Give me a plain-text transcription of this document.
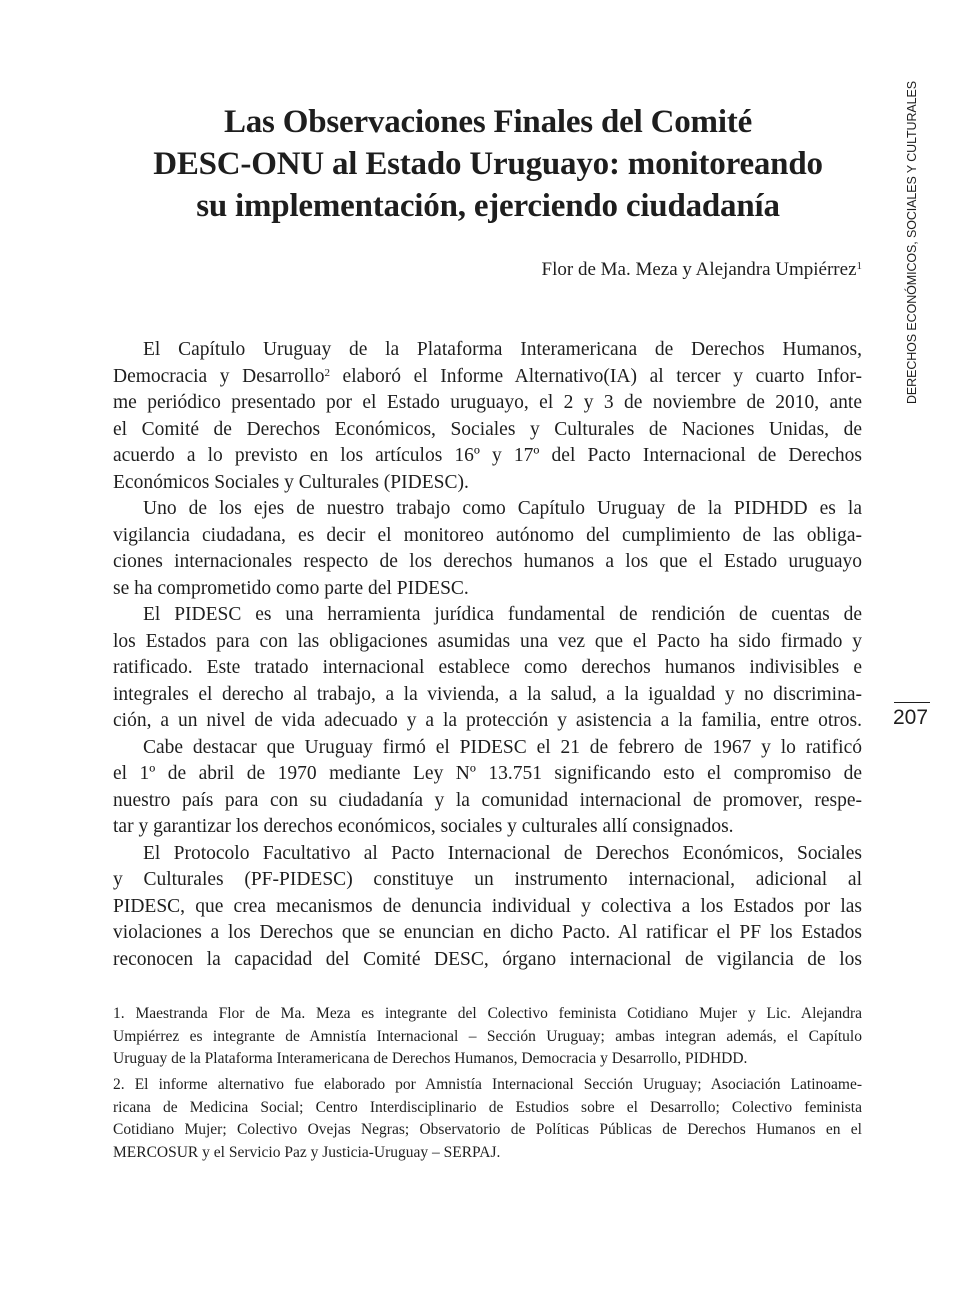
Las Observaciones Finales del Comité
DESC-ONU al Estado Uruguayo: monitoreando
su implementación, ejerciendo ciudadanía
Flor de Ma. Meza y Alejandra Umpiérrez$^1$	DERECHOS ECONÓMICOS, SOCIALES Y CULTURALES
207

El Capítulo Uruguay de la Plataforma Interamericana de Derechos Humanos,

Democracia y Desarrollo$^2$ elaboró el Informe Alternativo(IA) al tercer y cuarto Infor-

me periódico presentado por el Estado uruguayo, el 2 y 3 de noviembre de 2010, ante

el Comité de Derechos Económicos, Sociales y Culturales de Naciones Unidas, de

acuerdo a lo previsto en los artículos 16º y 17º del Pacto Internacional de Derechos

Económicos Sociales y Culturales (PIDESC).

Uno de los ejes de nuestro trabajo como Capítulo Uruguay de la PIDHDD es la

vigilancia ciudadana, es decir el monitoreo autónomo del cumplimiento de las obliga-

ciones internacionales respecto de los derechos humanos a los que el Estado uruguayo

se ha comprometido como parte del PIDESC.

El PIDESC es una herramienta jurídica fundamental de rendición de cuentas de

los Estados para con las obligaciones asumidas una vez que el Pacto ha sido firmado y

ratificado. Este tratado internacional establece como derechos humanos indivisibles e

integrales el derecho al trabajo, a la vivienda, a la salud, a la igualdad y no discrimina-

ción, a un nivel de vida adecuado y a la protección y asistencia a la familia, entre otros.

Cabe destacar que Uruguay firmó el PIDESC el 21 de febrero de 1967 y lo ratificó

el 1º de abril de 1970 mediante Ley Nº 13.751 significando esto el compromiso de

nuestro país para con su ciudadanía y la comunidad internacional de promover, respe-

tar y garantizar los derechos económicos, sociales y culturales allí consignados.

El Protocolo Facultativo al Pacto Internacional de Derechos Económicos, Sociales

y Culturales (PF-PIDESC) constituye un instrumento internacional, adicional al

PIDESC, que crea mecanismos de denuncia individual y colectiva a los Estados por las

violaciones a los Derechos que se enuncian en dicho Pacto. Al ratificar el PF los Estados

reconocen la capacidad del Comité DESC, órgano internacional de vigilancia de los

1. Maestranda Flor de Ma. Meza es integrante del Colectivo feminista Cotidiano Mujer y Lic. Alejandra

Umpiérrez es integrante de Amnistía Internacional – Sección Uruguay; ambas integran además, el Capítulo

Uruguay de la Plataforma Interamericana de Derechos Humanos, Democracia y Desarrollo, PIDHDD.

2. El informe alternativo fue elaborado por Amnistía Internacional Sección Uruguay; Asociación Latinoame-

ricana de Medicina Social; Centro Interdisciplinario de Estudios sobre el Desarrollo; Colectivo feminista

Cotidiano Mujer; Colectivo Ovejas Negras; Observatorio de Políticas Públicas de Derechos Humanos en el

MERCOSUR y el Servicio Paz y Justicia-Uruguay – SERPAJ.
